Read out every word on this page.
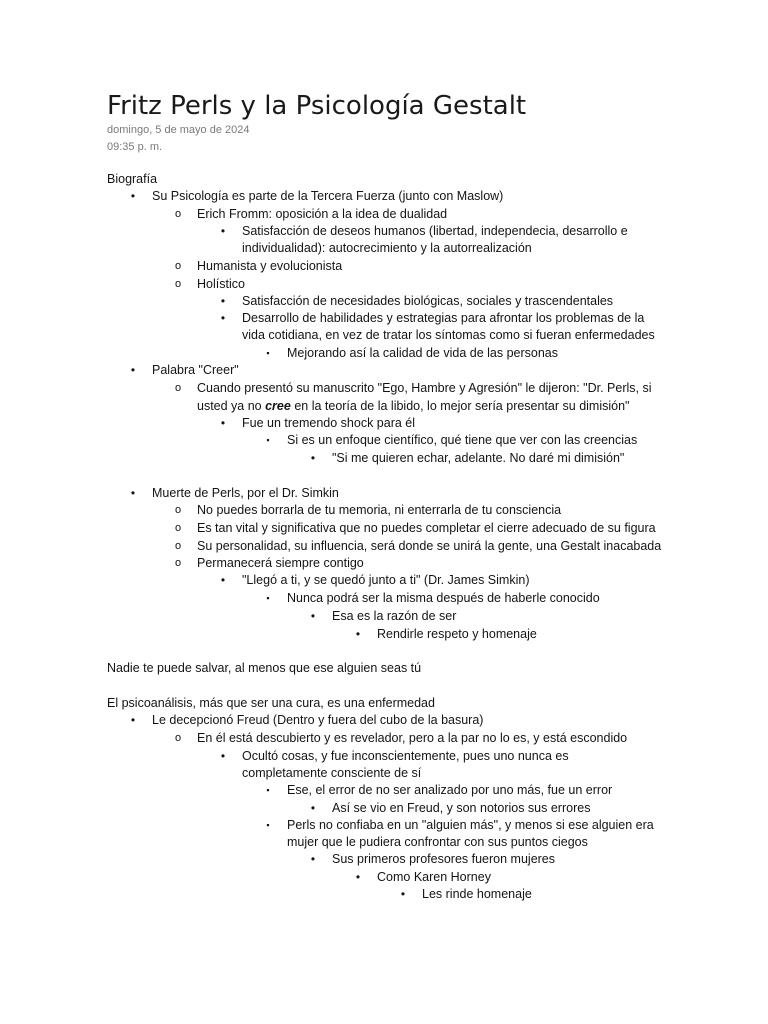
Fritz Perls y la Psicología Gestalt
domingo, 5 de mayo de 2024
09:35 p. m.
Biografía
•	Su Psicología es parte de la Tercera Fuerza (junto con Maslow)
o Erich Fromm: oposición a la idea de dualidad
•	Satisfacción de deseos humanos (libertad, independecia, desarrollo e
individualidad): autocrecimiento y la autorrealización
o Humanista y evolucionista
o Holístico
•	Satisfacción de necesidades biológicas, sociales y trascendentales
•	Desarrollo de habilidades y estrategias para afrontar los problemas de la
vida cotidiana, en vez de tratar los síntomas como si fueran enfermedades
▪	Mejorando así la calidad de vida de las personas
•	Palabra "Creer"
o Cuando presentó su manuscrito "Ego, Hambre y Agresión" le dijeron: "Dr. Perls, si
•	Fue un tremendo shock para él
▪	Si es un enfoque científico, qué tiene que ver con las creencias
•	"Si me quieren echar, adelante. No daré mi dimisión"
•	Muerte de Perls, por el Dr. Simkin
o No puedes borrarla de tu memoria, ni enterrarla de tu consciencia
o Es tan vital y significativa que no puedes completar el cierre adecuado de su figura
o Su personalidad, su influencia, será donde se unirá la gente, una Gestalt inacabada
o Permanecerá siempre contigo
•	"Llegó a ti, y se quedó junto a ti" (Dr. James Simkin)
▪	Nunca podrá ser la misma después de haberle conocido
•	Esa es la razón de ser
•	Rendirle respeto y homenaje
Nadie te puede salvar, al menos que ese alguien seas tú
El psicoanálisis, más que ser una cura, es una enfermedad
•	Le decepcionó Freud (Dentro y fuera del cubo de la basura)
o En él está descubierto y es revelador, pero a la par no lo es, y está escondido
•	Ocultó cosas, y fue inconscientemente, pues uno nunca es
completamente consciente de sí
▪	Ese, el error de no ser analizado por uno más, fue un error
•	Así se vio en Freud, y son notorios sus errores
▪	Perls no confiaba en un "alguien más", y menos si ese alguien era
mujer que le pudiera confrontar con sus puntos ciegos
•	Sus primeros profesores fueron mujeres
•	Como Karen Horney
•	Les rinde homenaje
usted ya no cree en la teoría de la libido, lo mejor sería presentar su dimisión"
